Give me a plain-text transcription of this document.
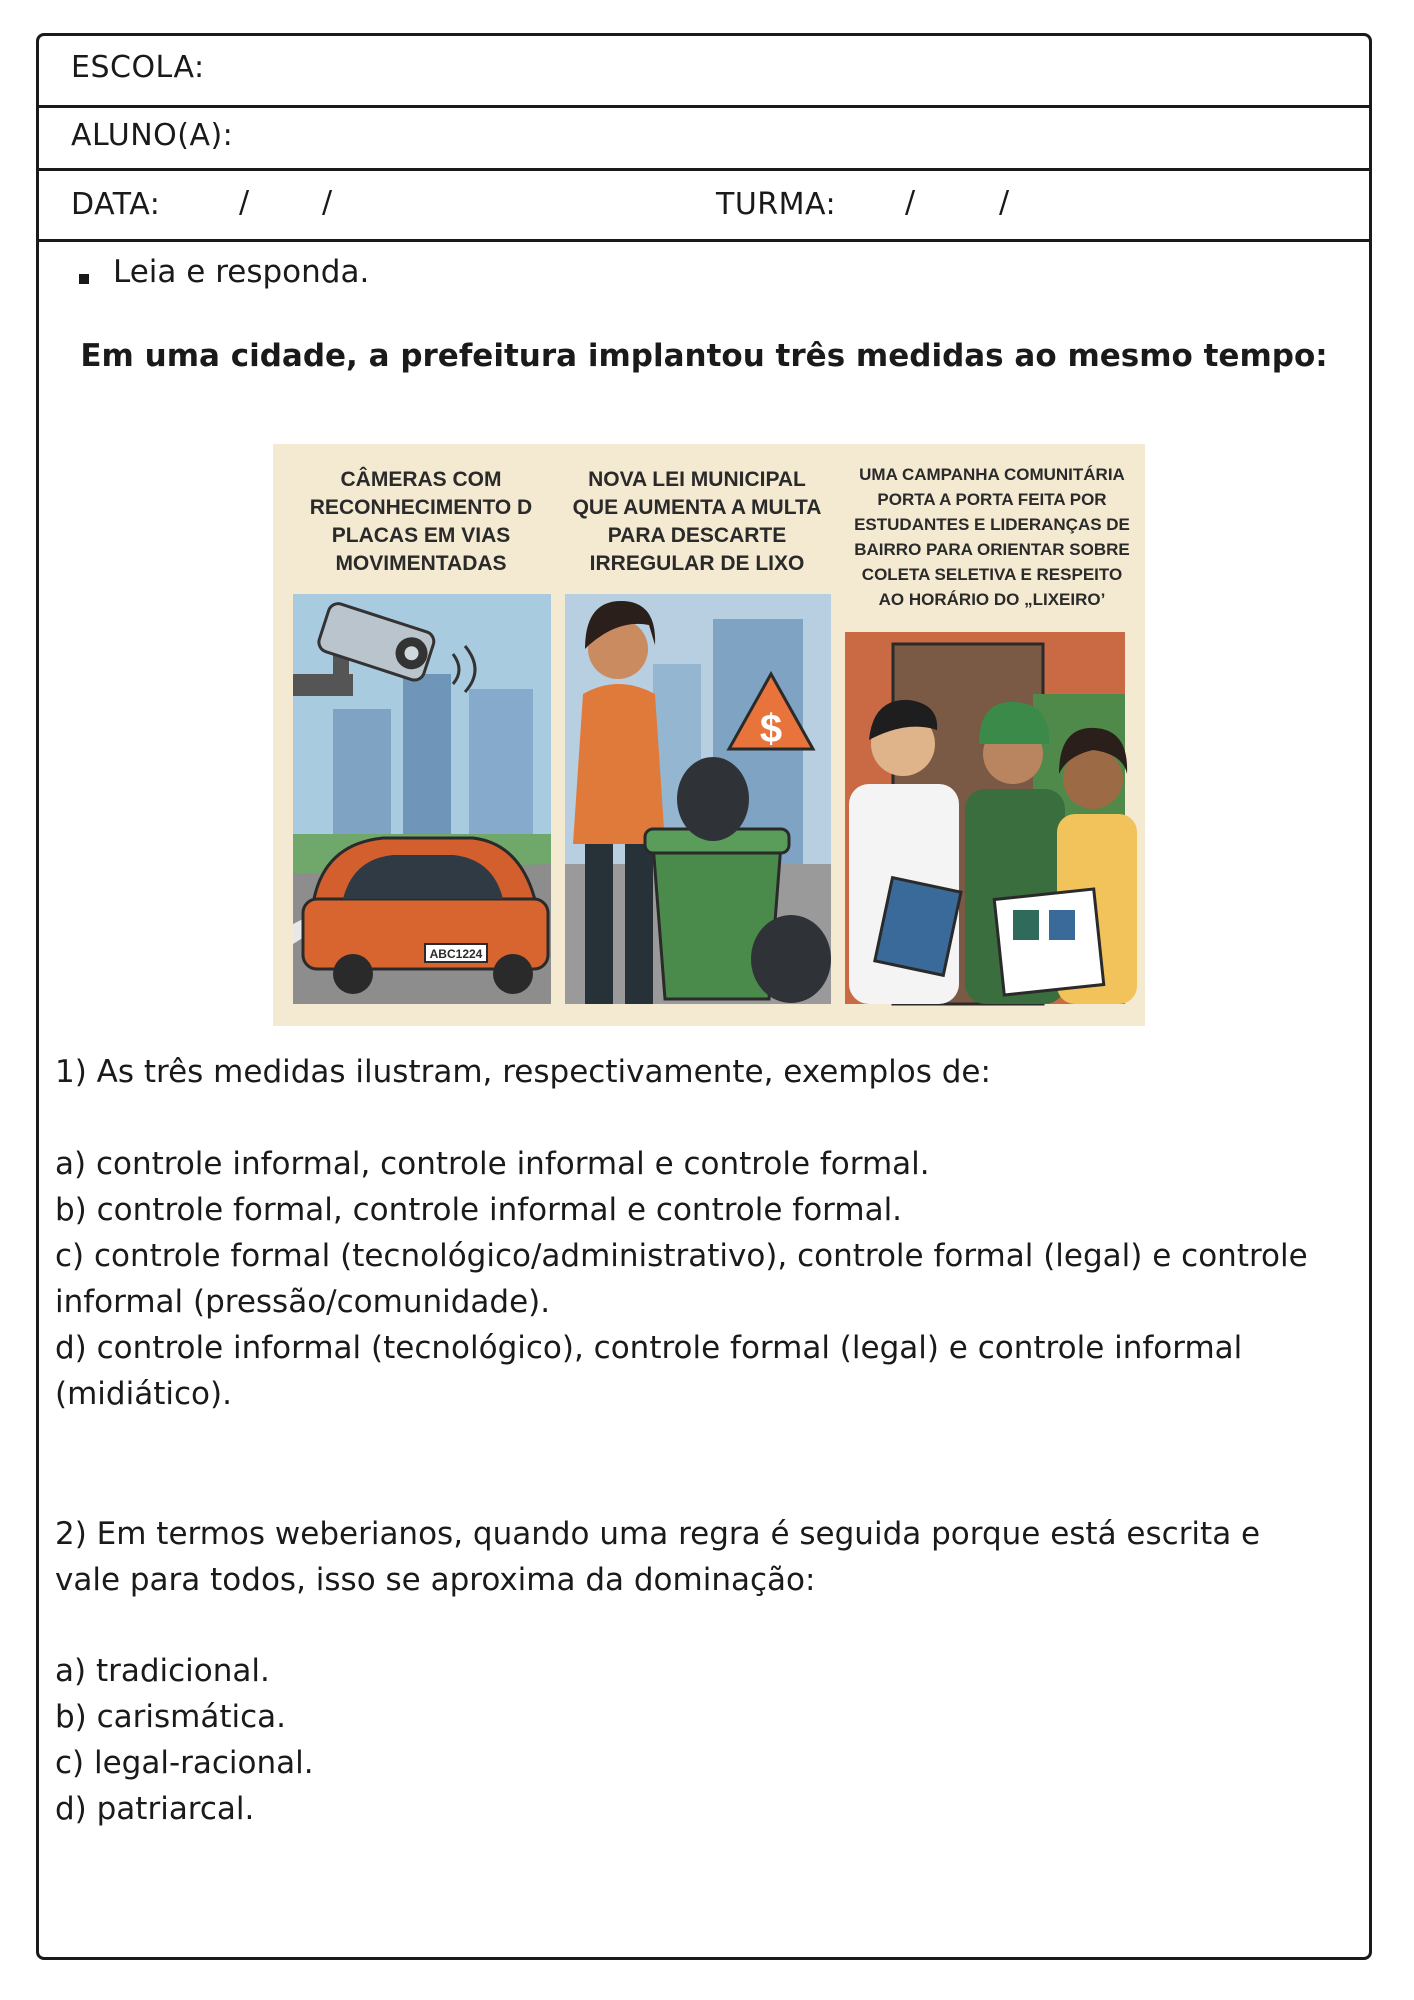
ESCOLA:
ALUNO(A):
DATA:	/ /	TURMA: /	/
Leia e responda.
Em uma cidade, a prefeitura implantou três medidas ao mesmo tempo:
CÂMERAS COM
RECONHECIMENTO D
PLACAS EM VIAS
MOVIMENTADAS
NOVA LEI MUNICIPAL
QUE AUMENTA A MULTA
PARA DESCARTE
IRREGULAR DE LIXO
UMA CAMPANHA COMUNITÁRIA
PORTA A PORTA FEITA POR
ESTUDANTES E LIDERANÇAS DE
BAIRRO PARA ORIENTAR SOBRE
COLETA SELETIVA E RESPEITO
AO HORÁRIO DO „LIXEIRO’
ABC1224
$
1) As três medidas ilustram, respectivamente, exemplos de:
a) controle informal, controle informal e controle formal.
b) controle formal, controle informal e controle formal.
c) controle formal (tecnológico/administrativo), controle formal (legal) e controle informal (pressão/comunidade).
d) controle informal (tecnológico), controle formal (legal) e controle informal (midiático).
2) Em termos weberianos, quando uma regra é seguida porque está escrita e vale para todos, isso se aproxima da dominação:
a) tradicional.
b) carismática.
c) legal-racional.
d) patriarcal.
